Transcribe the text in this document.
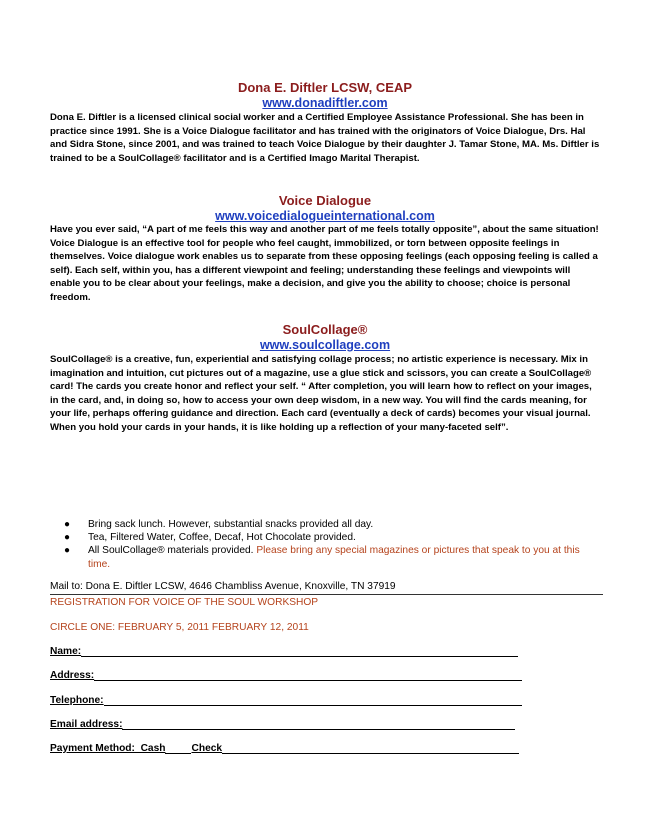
Dona E. Diftler LCSW, CEAP
www.donadiftler.com

Dona E. Diftler is a licensed clinical social worker and a Certified Employee Assistance Professional. She has been in practice since 1991. She is a Voice Dialogue facilitator and has trained with the originators of Voice Dialogue, Drs. Hal and Sidra Stone, since 2001, and was trained to teach Voice Dialogue by their daughter J. Tamar Stone, MA. Ms. Diftler is trained to be a SoulCollage® facilitator and is a Certified Imago Marital Therapist.

Voice Dialogue
www.voicedialogueinternational.com

Have you ever said, “A part of me feels this way and another part of me feels totally opposite”, about the same situation! Voice Dialogue is an effective tool for people who feel caught, immobilized, or torn between opposite feelings in themselves. Voice dialogue work enables us to separate from these opposing feelings (each opposing feeling is called a self). Each self, within you, has a different viewpoint and feeling; understanding these feelings and viewpoints will enable you to be clear about your feelings, make a decision, and give you the ability to choose; choice is personal freedom.

SoulCollage®
www.soulcollage.com

SoulCollage® is a creative, fun, experiential and satisfying collage process; no artistic experience is necessary. Mix in imagination and intuition, cut pictures out of a magazine, use a glue stick and scissors, you can create a SoulCollage® card! The cards you create honor and reflect your self. “ After completion, you will learn how to reflect on your images, in the card, and, in doing so, how to access your own deep wisdom, in a new way. You will find the cards meaning, for your life, perhaps offering guidance and direction. Each card (eventually a deck of cards) becomes your visual journal. When you hold your cards in your hands, it is like holding up a reflection of your many-faceted self”.

● Bring sack lunch. However, substantial snacks provided all day.
● Tea, Filtered Water, Coffee, Decaf, Hot Chocolate provided.
● All SoulCollage® materials provided. Please bring any special magazines or pictures that speak to you at this time.
Mail to: Dona E. Diftler LCSW, 4646 Chambliss Avenue, Knoxville, TN 37919
REGISTRATION FOR VOICE OF THE SOUL WORKSHOP
CIRCLE ONE: FEBRUARY 5, 2011 FEBRUARY 12, 2011
Name:
Address:
Telephone:
Email address:
Payment Method:  Cash	Check
